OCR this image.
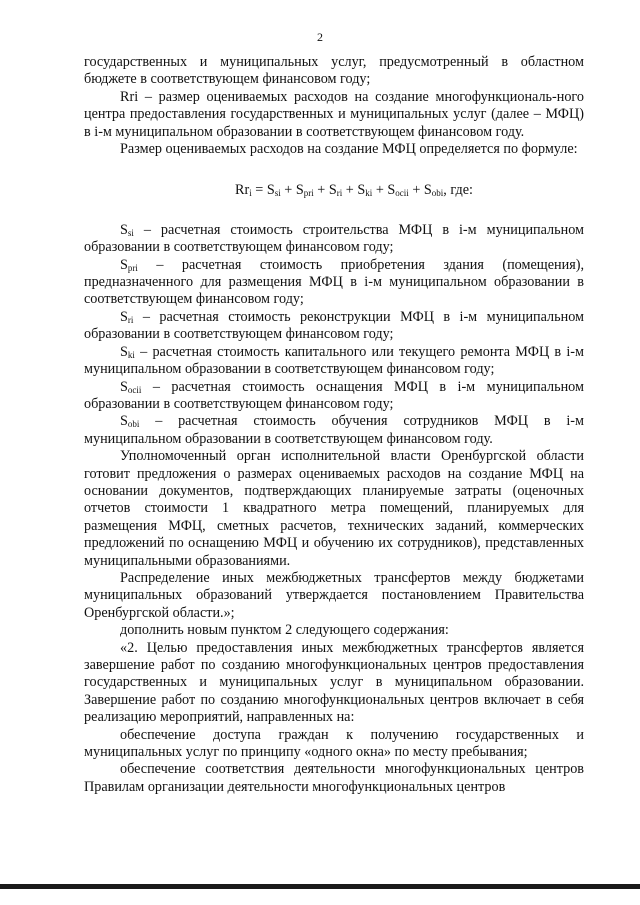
2

государственных и муниципальных услуг, предусмотренный в областном бюджете в соответствующем финансовом году;

Rri – размер оцениваемых расходов на создание многофункциональ-ного центра предоставления государственных и муниципальных услуг (далее – МФЦ) в i-м муниципальном образовании в соответствующем финансовом году.

Размер оцениваемых расходов на создание МФЦ определяется по формуле:

$Rr_i = S_{si} + S_{pri} + S_{ri} + S_{ki} + S_{ocii} + S_{obi}$, где:

$S_{si}$ – расчетная стоимость строительства МФЦ в i-м муниципальном образовании в соответствующем финансовом году;

$S_{pri}$ – расчетная стоимость приобретения здания (помещения), предназначенного для размещения МФЦ в i-м муниципальном образовании в соответствующем финансовом году;

$S_{ri}$ – расчетная стоимость реконструкции МФЦ в i-м муниципальном образовании в соответствующем финансовом году;

$S_{ki}$ – расчетная стоимость капитального или текущего ремонта МФЦ в i-м муниципальном образовании в соответствующем финансовом году;

$S_{ocii}$ – расчетная стоимость оснащения МФЦ в i-м муниципальном образовании в соответствующем финансовом году;

$S_{obi}$ – расчетная стоимость обучения сотрудников МФЦ в i-м муниципальном образовании в соответствующем финансовом году.

Уполномоченный орган исполнительной власти Оренбургской области готовит предложения о размерах оцениваемых расходов на создание МФЦ на основании документов, подтверждающих планируемые затраты (оценочных отчетов стоимости 1 квадратного метра помещений, планируемых для размещения МФЦ, сметных расчетов, технических заданий, коммерческих предложений по оснащению МФЦ и обучению их сотрудников), представленных муниципальными образованиями.

Распределение иных межбюджетных трансфертов между бюджетами муниципальных образований утверждается постановлением Правительства Оренбургской области.»;

дополнить новым пунктом 2 следующего содержания:

«2. Целью предоставления иных межбюджетных трансфертов является завершение работ по созданию многофункциональных центров предоставления государственных и муниципальных услуг в муниципальном образовании. Завершение работ по созданию многофункциональных центров включает в себя реализацию мероприятий, направленных на:

обеспечение доступа граждан к получению государственных и муниципальных услуг по принципу «одного окна» по месту пребывания;

обеспечение соответствия деятельности многофункциональных центров Правилам организации деятельности многофункциональных центров
